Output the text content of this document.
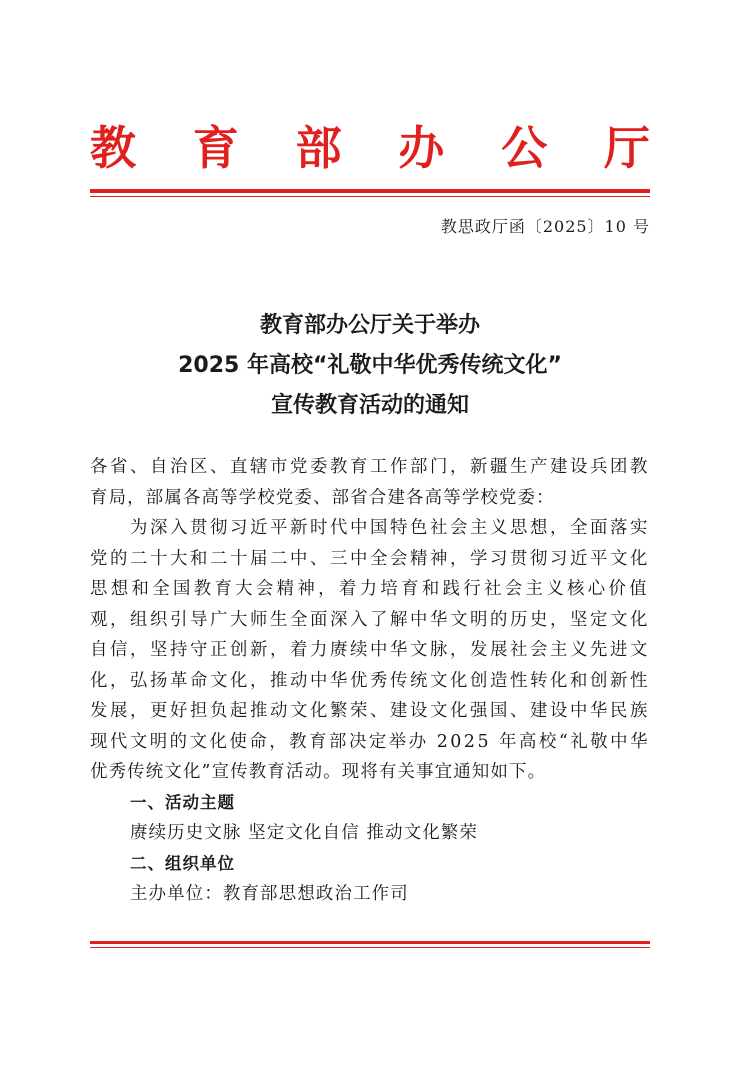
教 育 部 办 公 厅
教思政厅函〔2025〕10 号
教育部办公厅关于举办
2025 年高校“礼敬中华优秀传统文化”
宣传教育活动的通知
各省、自治区、直辖市党委教育工作部门，新疆生产建设兵团教
育局，部属各高等学校党委、部省合建各高等学校党委：
为深入贯彻习近平新时代中国特色社会主义思想，全面落实
党的二十大和二十届二中、三中全会精神，学习贯彻习近平文化
思想和全国教育大会精神，着力培育和践行社会主义核心价值
观，组织引导广大师生全面深入了解中华文明的历史，坚定文化
自信，坚持守正创新，着力赓续中华文脉，发展社会主义先进文
化，弘扬革命文化，推动中华优秀传统文化创造性转化和创新性
发展，更好担负起推动文化繁荣、建设文化强国、建设中华民族
现代文明的文化使命，教育部决定举办 2025 年高校“礼敬中华
优秀传统文化”宣传教育活动。现将有关事宜通知如下。
一、活动主题
赓续历史文脉 坚定文化自信 推动文化繁荣
二、组织单位
主办单位：教育部思想政治工作司
